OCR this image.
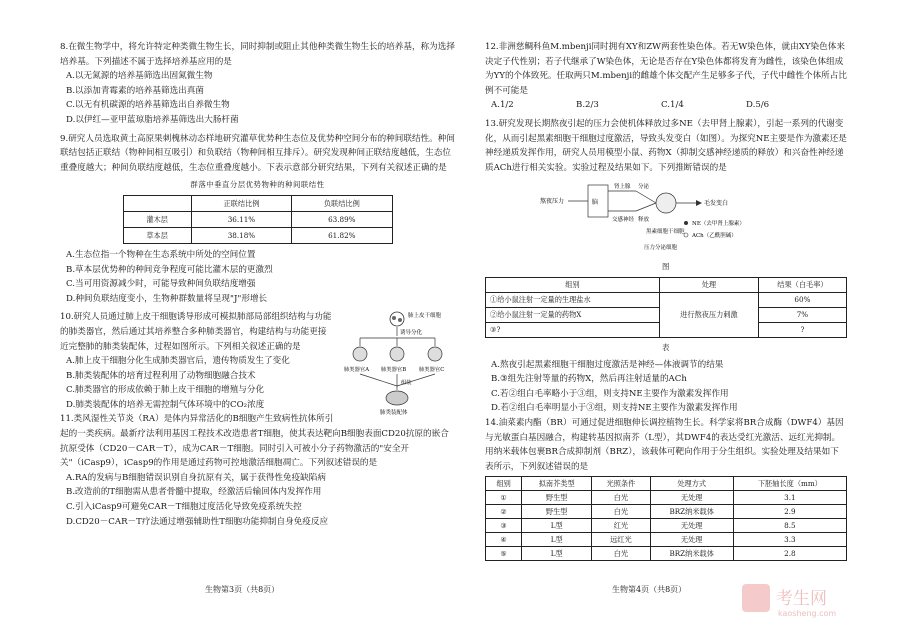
8.在微生物学中，将允许特定种类微生物生长，同时抑制或阻止其他种类微生物生长的培养基，称为选择培养基。下列描述不属于选择培养基应用的是

A.以无氮源的培养基筛选出固氮微生物

B.以添加青霉素的培养基筛选出真菌

C.以无有机碳源的培养基筛选出自养微生物

D.以伊红—亚甲蓝琼脂培养基筛选出大肠杆菌

9.研究人员选取黄土高原果刺槐林动态样地研究灌草优势种生态位及优势种空间分布的种间联结性。种间联结包括正联结（物种间相互吸引）和负联结（物种间相互排斥）。研究发现种间正联结度越低，生态位重叠度越大；种间负联结度越低，生态位重叠度越小。下表示意部分研究结果，下列有关叙述正确的是

群落中垂直分层优势物种的种间联结性
	正联结比例	负联结比例
灌木层	36.11%	63.89%
草本层	38.18%	61.82%

A.生态位指一个物种在生态系统中所处的空间位置

B.草本层优势种的种间竞争程度可能比灌木层的更激烈

C.当可用资源减少时，可能导致种间负联结度增强

D.种间负联结度变小，生物种群数量将呈现"J"形增长

肺上皮干细胞
诱导分化
肺类器官A 肺类器官B 肺类器官C
组装
肺类装配体

10.研究人员通过肺上皮干细胞诱导形成可模拟肺部局部组织结构与功能的肺类器官，然后通过其培养整合多种肺类器官，构建结构与功能更接近完整肺的肺类装配体，过程如图所示。下列相关叙述正确的是

A.肺上皮干细胞分化生成肺类器官后，遗传物质发生了变化

B.肺类装配体的培育过程利用了动物细胞融合技术

C.肺类器官的形成依赖于肺上皮干细胞的增殖与分化

D.肺类装配体的培养无需控制气体环境中的CO₂浓度

11.类风湿性关节炎（RA）是体内异常活化的B细胞产生致病性抗体所引起的一类疾病。最新疗法利用基因工程技术改造患者T细胞，使其表达靶向B细胞表面CD20抗原的嵌合抗原受体（CD20－CAR－T），成为CAR－T细胞。同时引入可被小分子药物激活的"安全开关"（iCasp9），iCasp9的作用是通过药物可控地激活细胞凋亡。下列叙述错误的是

A.RA的发病与B细胞错误识别自身抗原有关，属于获得性免疫缺陷病

B.改造前的T细胞需从患者骨髓中提取，经激活后输回体内发挥作用

C.引入iCasp9可避免CAR－T细胞过度活化导致免疫系统失控

D.CD20－CAR－T疗法通过增强辅助性T细胞功能抑制自身免疫反应

生物第3页（共8页）

12.非洲慈鲷科鱼M.mbenji同时拥有XY和ZW两套性染色体。若无W染色体，就由XY染色体来决定子代性别；若子代继承了W染色体，无论是否存在Y染色体都将发育为雌性，该染色体组成为YY的个体致死。任取两只M.mbenji的雌雄个体交配产生足够多子代，子代中雌性个体所占比例不可能是

A.1/2	B.2/3	C.1/4	D.5/6

13.研究发现长期熬夜引起的压力会使机体释放过多NE（去甲肾上腺素），引起一系列的代谢变化，从而引起黑素细胞干细胞过度激活，导致头发变白（如图）。为探究NE主要是作为激素还是神经递质发挥作用，研究人员用模型小鼠、药物X（抑制交感神经递质的释放）和兴奋性神经递质ACh进行相关实验。实验过程及结果如下。下列推断错误的是

熬夜压力	脑
肾上腺
交感神经
分泌
释放
黑素细胞干细胞
毛发变白
NE（去甲肾上腺素）
ACh（乙酰胆碱）
压力分泌细胞
图
组别	处理	结果（白毛率）
①给小鼠注射一定量的生理盐水	进行熬夜压力刺激	60%
②给小鼠注射一定量的药物X		7%
③?		?
表

A.熬夜引起黑素细胞干细胞过度激活是神经—体液调节的结果

B.③组先注射等量的药物X，然后再注射适量的ACh

C.若②组白毛率略小于③组，则支持NE主要作为激素发挥作用

D.若②组白毛率明显小于③组，则支持NE主要作为激素发挥作用

14.油菜素内酯（BR）可通过促进细胞伸长调控植物生长。科学家将BR合成酶（DWF4）基因与光敏蛋白基因融合，构建转基因拟南芥（L型），其DWF4的表达受红光激活、远红光抑制。用纳米载体包裹BR合成抑制剂（BRZ），该载体可靶向作用于分生组织。实验处理及结果如下表所示，下列叙述错误的是

组别	拟南芥类型	光照条件	处理方式	下胚轴长度（mm）
①	野生型	白光	无处理	3.1
②	野生型	白光	BRZ纳米载体	2.9
③	L型	红光	无处理	8.5
④	L型	远红光	无处理	3.3
⑤	L型	白光	BRZ纳米载体	2.8
生物第4页（共8页）	考生网
kaosheng.com
